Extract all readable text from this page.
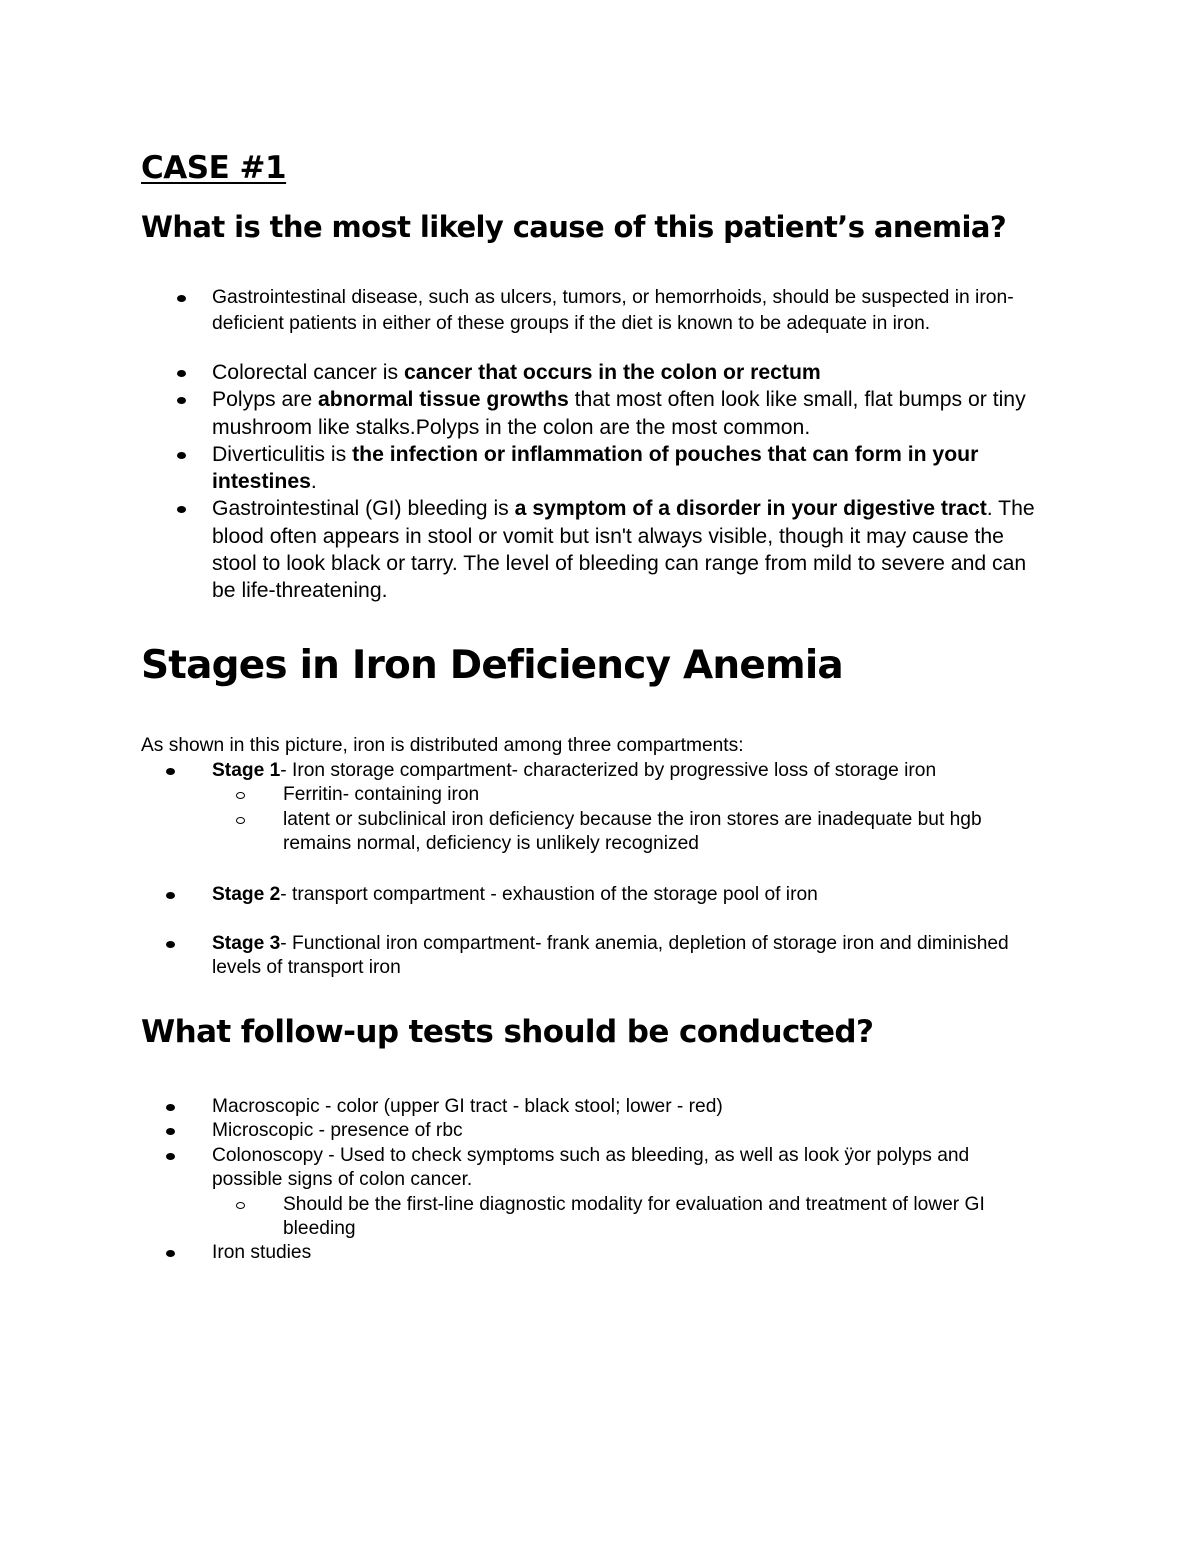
CASE #1
What is the most likely cause of this patient’s anemia?
Gastrointestinal disease, such as ulcers, tumors, or hemorrhoids, should be suspected in iron-deficient patients in either of these groups if the diet is known to be adequate in iron.
Colorectal cancer is cancer that occurs in the colon or rectum
Polyps are abnormal tissue growths that most often look like small, flat bumps or tiny mushroom like stalks.Polyps in the colon are the most common.
Diverticulitis is the infection or inflammation of pouches that can form in your intestines.
Gastrointestinal (GI) bleeding is a symptom of a disorder in your digestive tract. The blood often appears in stool or vomit but isn't always visible, though it may cause the stool to look black or tarry. The level of bleeding can range from mild to severe and can be life-threatening.
Stages in Iron Deficiency Anemia
As shown in this picture, iron is distributed among three compartments:
Stage 1- Iron storage compartment- characterized by progressive loss of storage iron
Ferritin- containing iron
latent or subclinical iron deficiency because the iron stores are inadequate but hgb remains normal, deficiency is unlikely recognized
Stage 2- transport compartment - exhaustion of the storage pool of iron
Stage 3- Functional iron compartment- frank anemia, depletion of storage iron and diminished levels of transport iron
What follow-up tests should be conducted?
Macroscopic - color (upper GI tract - black stool; lower - red)
Microscopic - presence of rbc
Colonoscopy - Used to check symptoms such as bleeding, as well as look ÿor polyps and possible signs of colon cancer.
Should be the first-line diagnostic modality for evaluation and treatment of lower GI bleeding
Iron studies
